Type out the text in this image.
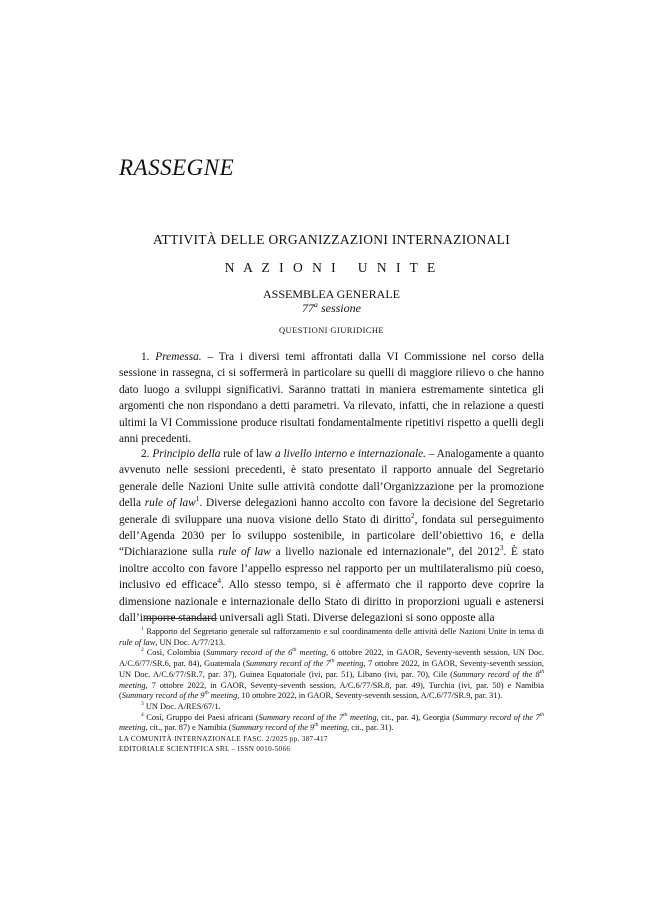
RASSEGNE
ATTIVITÀ DELLE ORGANIZZAZIONI INTERNAZIONALI
N A Z I O N I   U N I T E
ASSEMBLEA GENERALE
77$^a$ sessione
QUESTIONI GIURIDICHE

1. Premessa. – Tra i diversi temi affrontati dalla VI Commissione nel corso della sessione in rassegna, ci si soffermerà in particolare su quelli di maggiore rilievo o che hanno dato luogo a sviluppi significativi. Saranno trattati in maniera estremamente sintetica gli argomenti che non rispondano a detti parametri. Va rilevato, infatti, che in relazione a questi ultimi la VI Commissione produce risultati fondamentalmente ripetitivi rispetto a quelli degli anni precedenti.

2. Principio della rule of law a livello interno e internazionale. – Analogamente a quanto avvenuto nelle sessioni precedenti, è stato presentato il rapporto annuale del Segretario generale delle Nazioni Unite sulle attività condotte dall’Organizzazione per la promozione della rule of law$^1$. Diverse delegazioni hanno accolto con favore la decisione del Segretario generale di sviluppare una nuova visione dello Stato di diritto$^2$, fondata sul perseguimento dell’Agenda 2030 per lo sviluppo sostenibile, in particolare dell’obiettivo 16, e della “Dichiarazione sulla rule of law a livello nazionale ed internazionale”, del 2012$^3$. È stato inoltre accolto con favore l’appello espresso nel rapporto per un multilateralismo più coeso, inclusivo ed efficace$^4$. Allo stesso tempo, si è affermato che il rapporto deve coprire la dimensione nazionale e internazionale dello Stato di diritto in proporzioni uguali e astenersi dall’imporre standard universali agli Stati. Diverse delegazioni si sono opposte alla

$^1$ Rapporto del Segretario generale sul rafforzamento e sul coordinamento delle attività delle Nazioni Unite in tema di rule of law, UN Doc. A/77/213.

$^2$ Così, Colombia (Summary record of the 6th meeting, 6 ottobre 2022, in GAOR, Seventy-seventh session, UN Doc. A/C.6/77/SR.6, par. 84), Guatemala (Summary record of the 7th meeting, 7 ottobre 2022, in GAOR, Seventy-seventh session, UN Doc. A/C.6/77/SR.7, par. 37), Guinea Equatoriale (ivi, par. 51), Libano (ivi, par. 70), Cile (Summary record of the 8th meeting, 7 ottobre 2022, in GAOR, Seventy-seventh session, A/C.6/77/SR.8, par. 49), Turchia (ivi, par. 50) e Namibia (Summary record of the 9th meeting, 10 ottobre 2022, in GAOR, Seventy-seventh session, A/C.6/77/SR.9, par. 31).

$^3$ UN Doc. A/RES/67/1.

$^4$ Così, Gruppo dei Paesi africani (Summary record of the 7th meeting, cit., par. 4), Georgia (Summary record of the 7th meeting, cit., par. 87) e Namibia (Summary record of the 9th meeting, cit., par. 31).

LA COMUNITÀ INTERNAZIONALE FASC. 2/2025 pp. 387-417
EDITORIALE SCIENTIFICA SRL – ISSN 0010-5066
